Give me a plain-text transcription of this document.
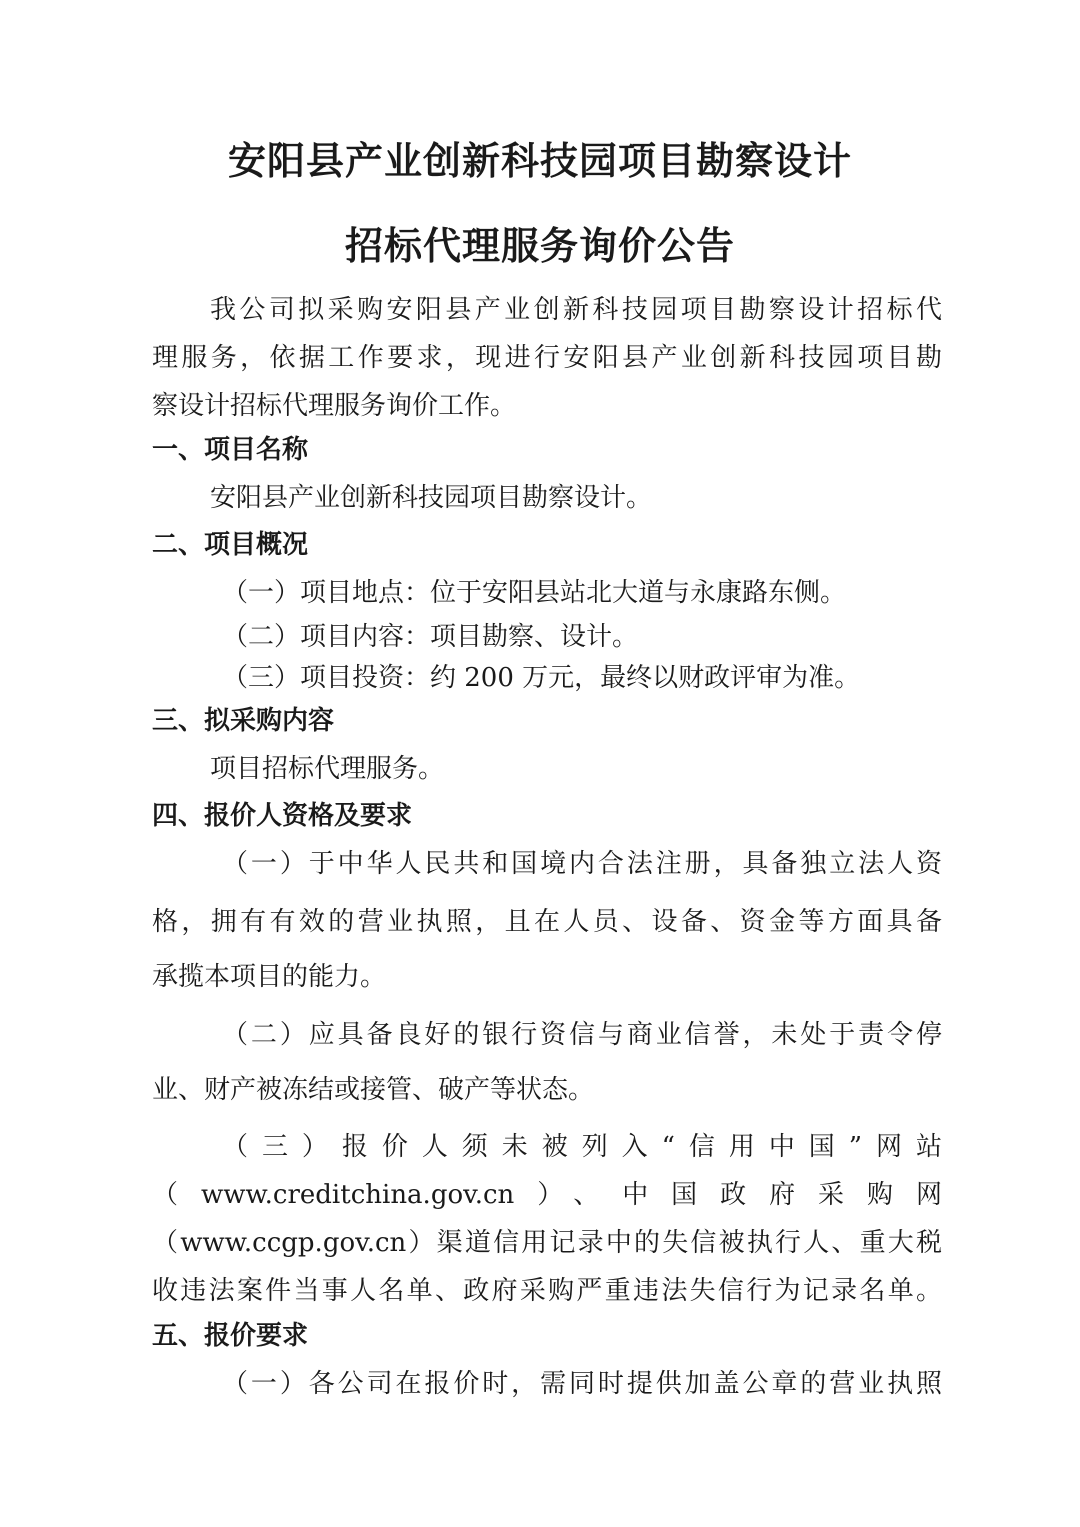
安阳县产业创新科技园项目勘察设计
招标代理服务询价公告

我公司拟采购安阳县产业创新科技园项目勘察设计招标代

理服务，依据工作要求，现进行安阳县产业创新科技园项目勘

察设计招标代理服务询价工作。

一、项目名称

安阳县产业创新科技园项目勘察设计。

二、项目概况

（一）项目地点：位于安阳县站北大道与永康路东侧。

（二）项目内容：项目勘察、设计。

（三）项目投资：约 200 万元，最终以财政评审为准。

三、拟采购内容

项目招标代理服务。

四、报价人资格及要求

（一）于中华人民共和国境内合法注册，具备独立法人资

格，拥有有效的营业执照，且在人员、设备、资金等方面具备

承揽本项目的能力。

（二）应具备良好的银行资信与商业信誉，未处于责令停

业、财产被冻结或接管、破产等状态。

（三）报价人须未被列入“信用中国”网站

（www.creditchina.gov.cn）、中国政府采购网

（www.ccgp.gov.cn）渠道信用记录中的失信被执行人、重大税

收违法案件当事人名单、政府采购严重违法失信行为记录名单。

五、报价要求

（一）各公司在报价时，需同时提供加盖公章的营业执照
